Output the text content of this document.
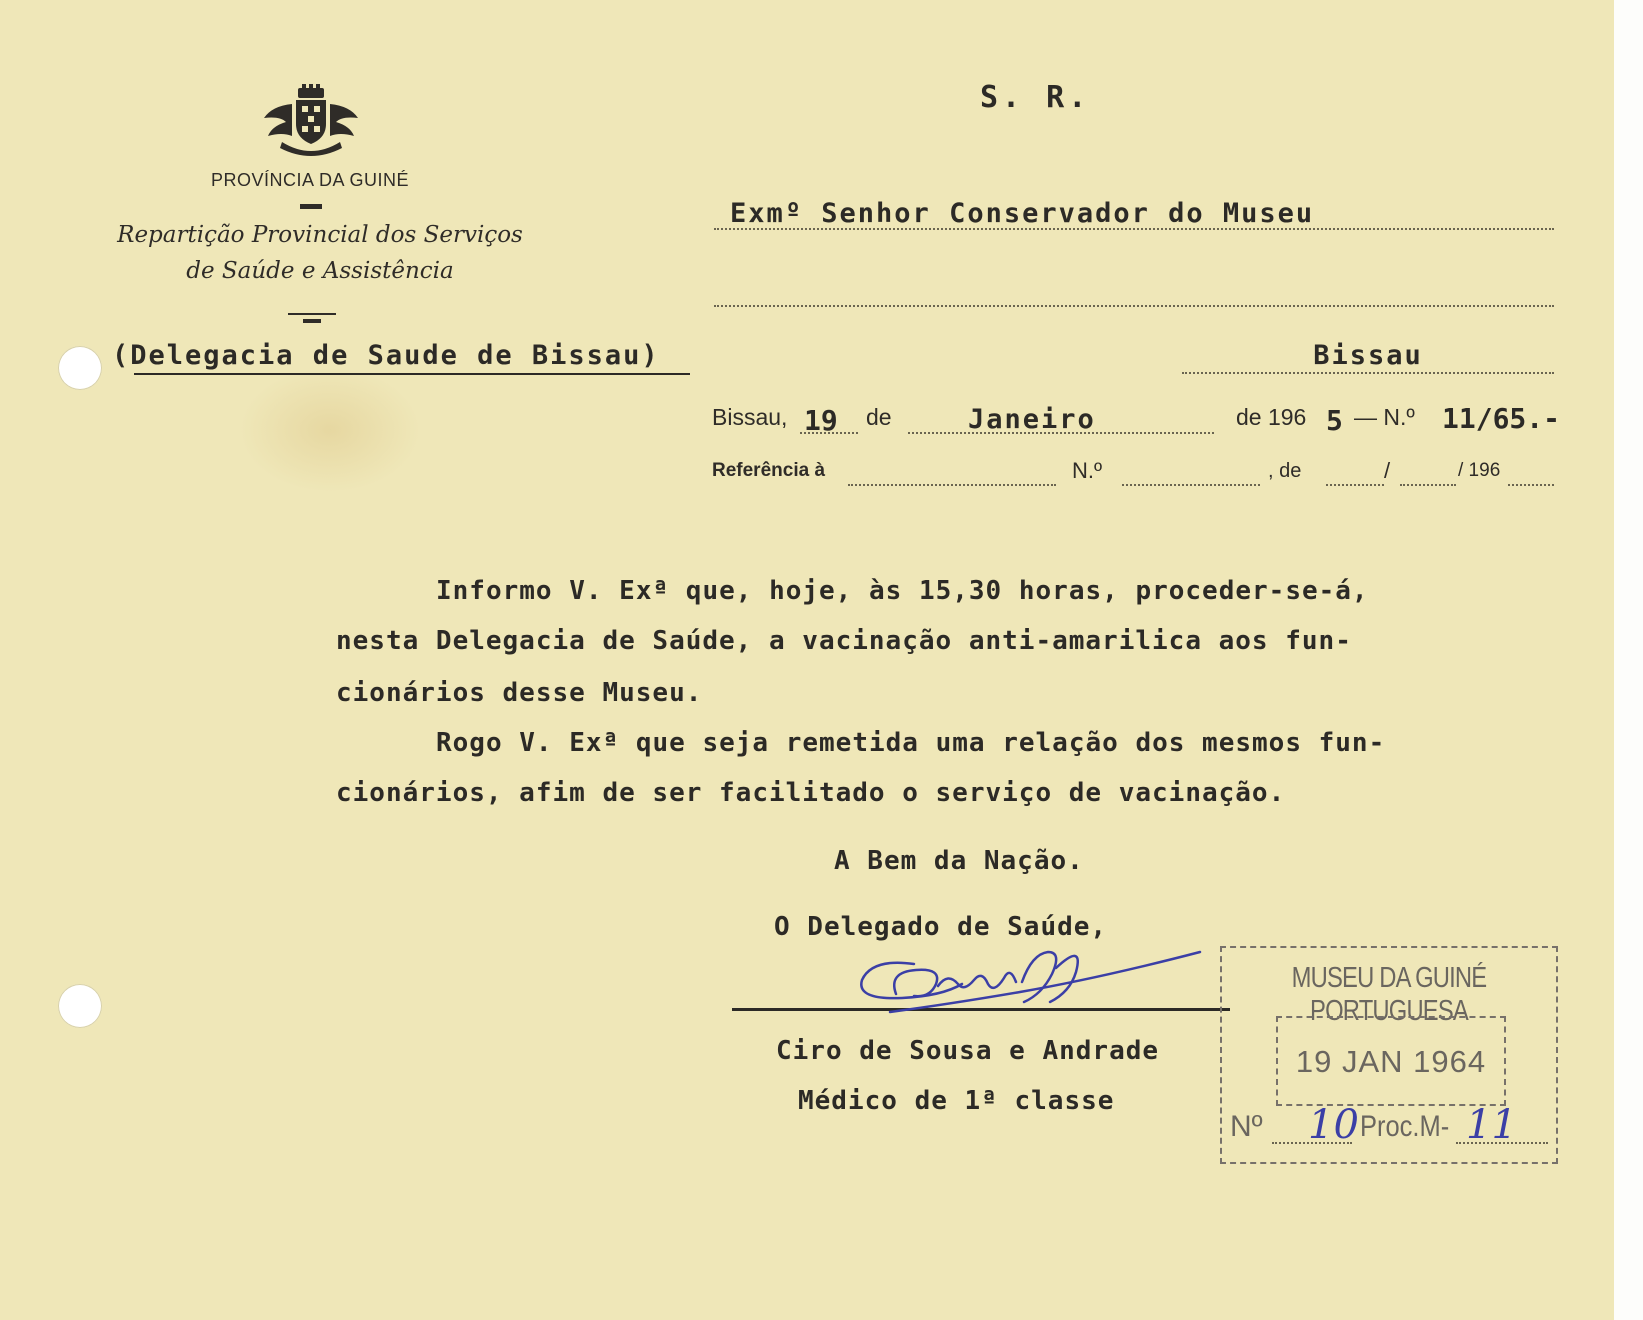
PROVÍNCIA DA GUINÉ
Repartição Provincial dos Serviços
de Saúde e Assistência
(Delegacia de Saude de Bissau)
S. R.
Exmº Senhor Conservador do Museu
Bissau
Bissau, 19 de	Janeiro	de 196 5 — N.º 11/65.-
Referência à	N.º	, de	/	/ 196
Informo V. Exª que, hoje, às 15,30 horas, proceder-se-á,
nesta Delegacia de Saúde, a vacinação anti-amarilica aos fun-
cionários desse Museu.
Rogo V. Exª que seja remetida uma relação dos mesmos fun-
cionários, afim de ser facilitado o serviço de vacinação.
A Bem da Nação.
O Delegado de Saúde,
Ciro de Sousa e Andrade
Médico de 1ª classe
MUSEU DA GUINÉ PORTUGUESA
19 JAN 1964
Nº 10 Proc.M- 11
